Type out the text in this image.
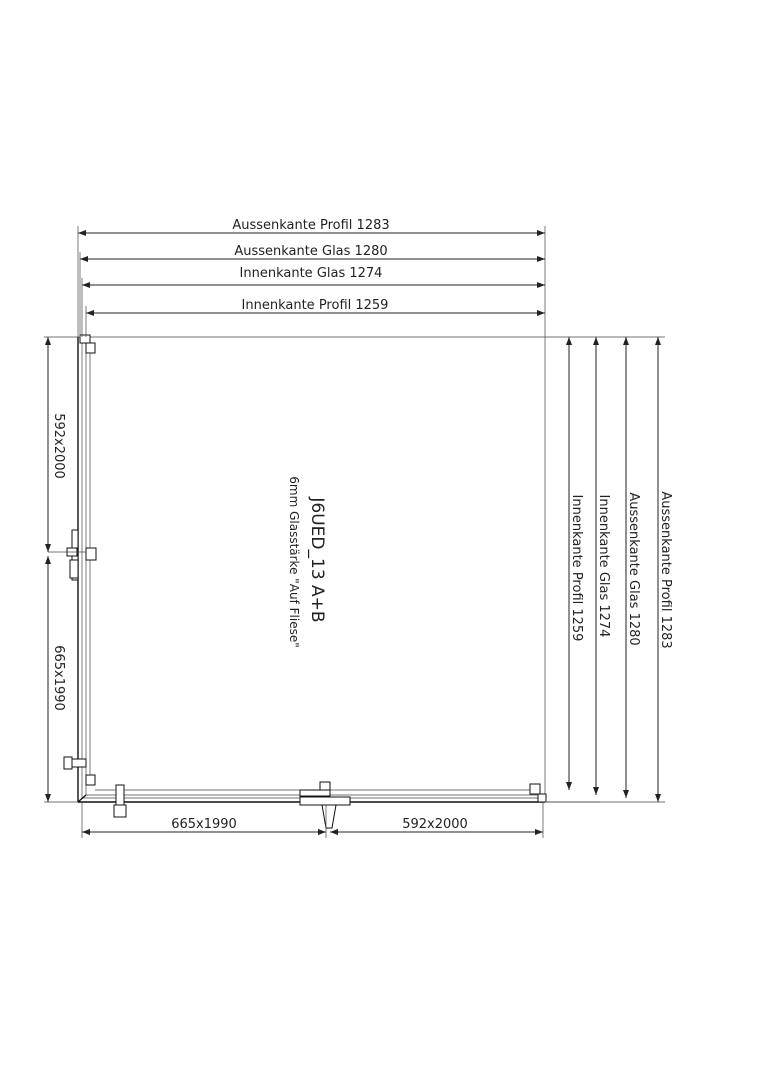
Aussenkante Profil 1283
Aussenkante Glas 1280
Innenkante Glas 1274
Innenkante Profil 1259
Innenkante Profil 1259 Innenkante Glas 1274 Aussenkante Glas 1280 Aussenkante Profil 1283
592x2000
665x1990
665x1990	592x2000
J6UED_13 A+B
6mm Glasstärke "Auf Fliese"
